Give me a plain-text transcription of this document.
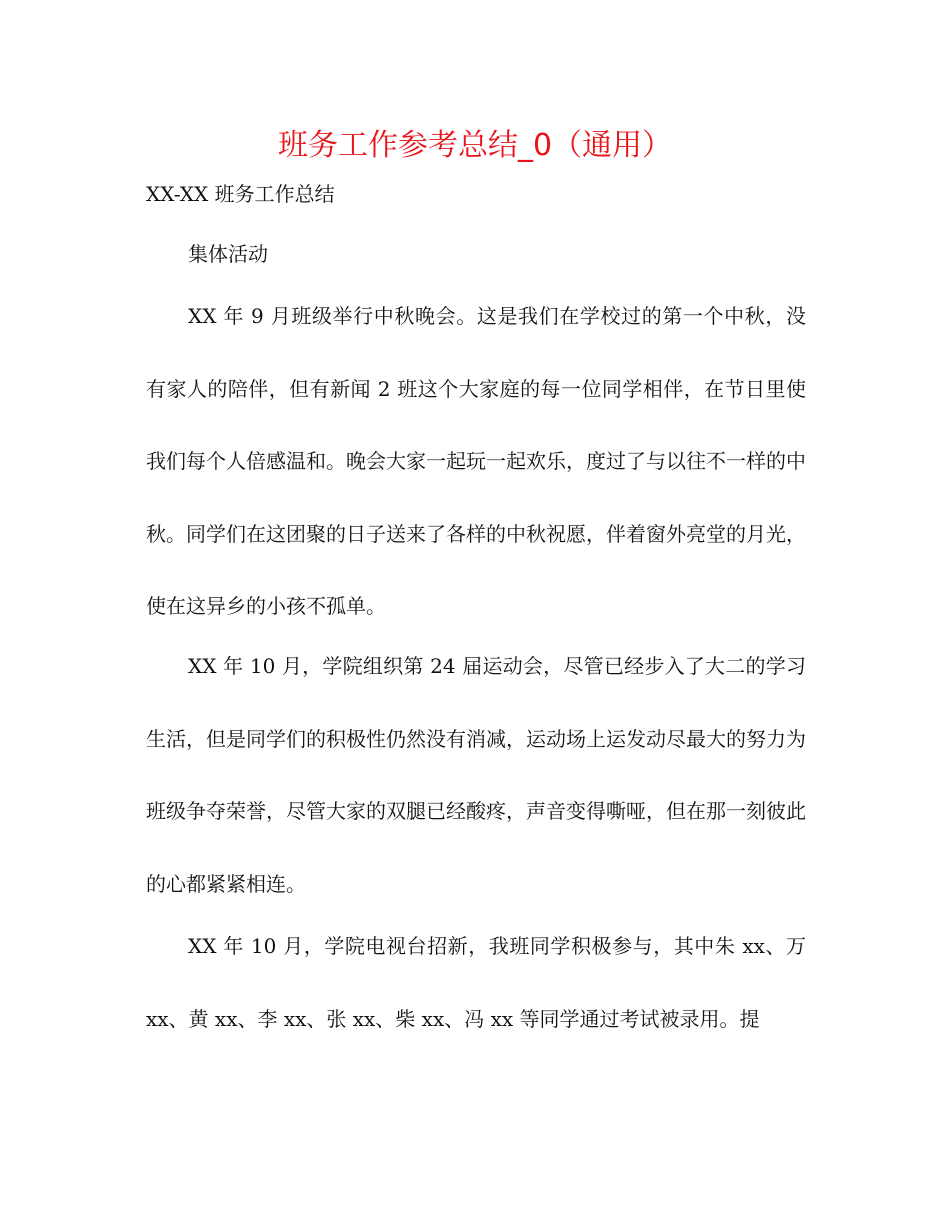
班务工作参考总结_0（通用）

XX-XX 班务工作总结

集体活动

XX 年 9 月班级举行中秋晚会。这是我们在学校过的第一个中秋，没有家人的陪伴，但有新闻 2 班这个大家庭的每一位同学相伴，在节日里使我们每个人倍感温和。晚会大家一起玩一起欢乐，度过了与以往不一样的中秋。同学们在这团聚的日子送来了各样的中秋祝愿，伴着窗外亮堂的月光，使在这异乡的小孩不孤单。

XX 年 10 月，学院组织第 24 届运动会，尽管已经步入了大二的学习生活，但是同学们的积极性仍然没有消减，运动场上运发动尽最大的努力为班级争夺荣誉，尽管大家的双腿已经酸疼，声音变得嘶哑，但在那一刻彼此的心都紧紧相连。

XX 年 10 月，学院电视台招新，我班同学积极参与，其中朱 xx、万 xx、黄 xx、李 xx、张 xx、柴 xx、冯 xx 等同学通过考试被录用。提
